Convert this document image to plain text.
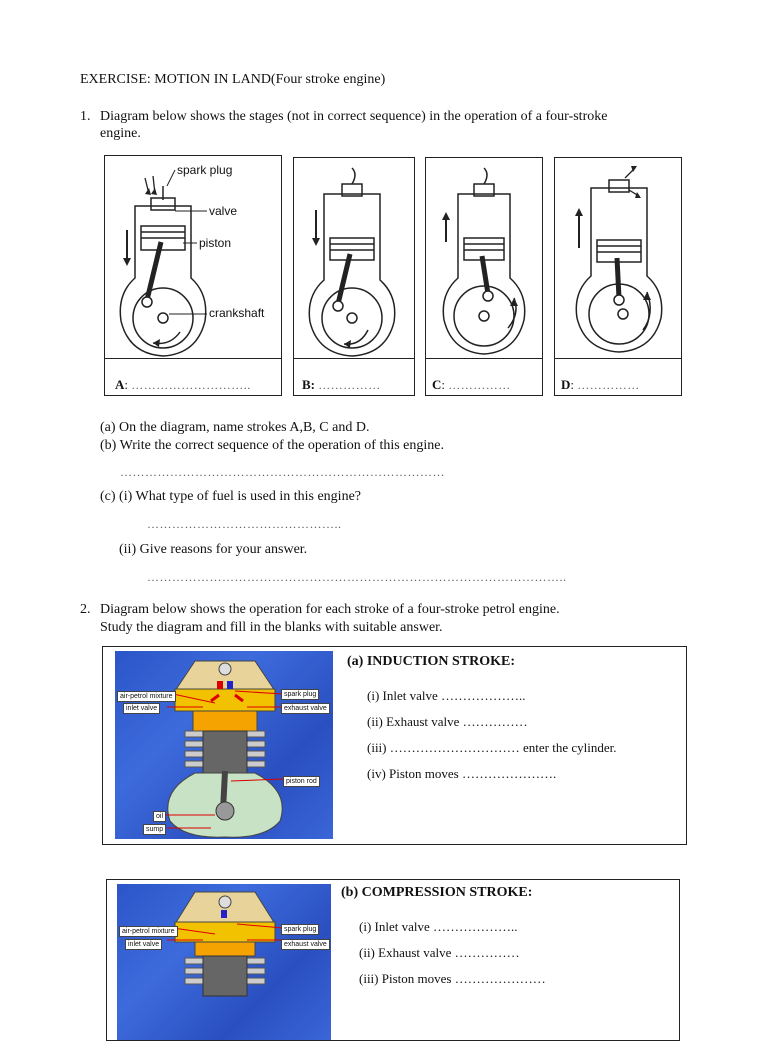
EXERCISE: MOTION IN LAND(Four stroke engine)
1. Diagram below shows the stages (not in correct sequence) in the operation of a four-stroke
engine.
spark plug
valve
piston
crankshaft
A: ………………………..	B: ……………	C: ……………	D: ……………
(a) On the diagram, name strokes A,B, C and D.
(b) Write the correct sequence of the operation of this engine.
……………………………………………………………………
(c) (i) What type of fuel is used in this engine?
………………………………………..
(ii) Give reasons for your answer.
………………………………………………………………………………………..
2. Diagram below shows the operation for each stroke of a four-stroke petrol engine.
Study the diagram and fill in the blanks with suitable answer.
air-petrol mixture
inlet valve
spark plug
exhaust valve
piston rod
oil
sump
(a) INDUCTION STROKE:
(i) Inlet valve ………………..
(ii) Exhaust valve ……………
(iii) ………………………… enter the cylinder.
(iv) Piston moves ………………….
air-petrol mixture
inlet valve
spark plug
exhaust valve
(b) COMPRESSION STROKE:
(i) Inlet valve ………………..
(ii) Exhaust valve ……………
(iii) Piston moves …………………
